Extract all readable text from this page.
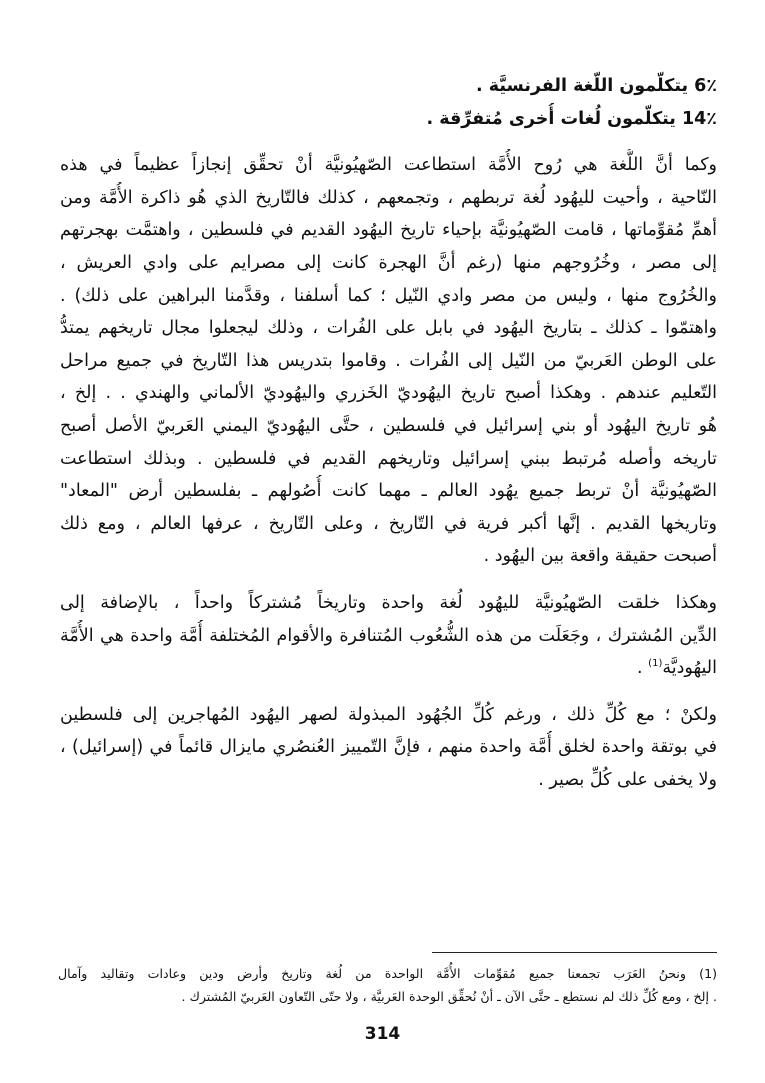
6٪ يتكلّمون اللّغة الفرنسيَّة .
14٪ يتكلّمون لُغات أُخرى مُتفرِّقة .
وكما أنَّ اللُّغة هي رُوح الأُمَّة استطاعت الصّهيُونيَّة أنْ تحقِّق إنجازاً عظيماً في هذه
النّاحية ، وأحيت لليهُود لُغة تربطهم ، وتجمعهم ، كذلك فالتّاريخ الذي هُو ذاكرة الأُمَّة ومن
أهمِّ مُقوِّماتها ، قامت الصّهيُونيَّة بإحياء تاريخ اليهُود القديم في فلسطين ، واهتمَّت بهجرتهم
إلى مصر ، وخُرُوجهم منها (رغم أنَّ الهجرة كانت إلى مصرايم على وادي العريش ،
والخُرُوج منها ، وليس من مصر وادي النّيل ؛ كما أسلفنا ، وقدَّمنا البراهين على ذلك) .
واهتمّوا ـ كذلك ـ بتاريخ اليهُود في بابل على الفُرات ، وذلك ليجعلوا مجال تاريخهم يمتدُّ
على الوطن العَربيّ من النّيل إلى الفُرات . وقاموا بتدريس هذا التّاريخ في جميع مراحل
التّعليم عندهم . وهكذا أصبح تاريخ اليهُوديّ الخَزري واليهُوديّ الألماني والهندي . . إلخ ،
هُو تاريخ اليهُود أو بني إسرائيل في فلسطين ، حتَّى اليهُوديّ اليمني العَربيّ الأصل أصبح
تاريخه وأصله مُرتبط ببني إسرائيل وتاريخهم القديم في فلسطين . وبذلك استطاعت
الصّهيُونيَّة أنْ تربط جميع يهُود العالم ـ مهما كانت أُصُولهم ـ بفلسطين أرض "المعاد"
وتاريخها القديم . إنَّها أكبر فرية في التّاريخ ، وعلى التّاريخ ، عرفها العالم ، ومع ذلك
أصبحت حقيقة واقعة بين اليهُود .
وهكذا خلقت الصّهيُونيَّة لليهُود لُغة واحدة وتاريخاً مُشتركاً واحداً ، بالإضافة إلى
الدِّين المُشترك ، وجَعَلَت من هذه الشُّعُوب المُتنافرة والأقوام المُختلفة أُمَّة واحدة هي الأُمَّة
اليهُوديَّة$^{(1)}$ .
ولكنْ ؛ مع كُلِّ ذلك ، ورغم كُلِّ الجُهُود المبذولة لصهر اليهُود المُهاجرين إلى فلسطين
في بوتقة واحدة لخلق أُمَّة واحدة منهم ، فإنَّ التّمييز العُنصُري مايزال قائماً في (إسرائيل) ،
ولا يخفى على كُلِّ بصير .
(1) ونحنُ العَرَب تجمعنا جميع مُقوِّمات الأُمَّة الواحدة من لُغة وتاريخ وأرض ودين وعادات وتقاليد وآمال
. إلخ ، ومع كُلِّ ذلك لم نستطع ـ حتَّى الآن ـ أنْ نُحقِّق الوحدة العَربيَّة ، ولا حتّى التّعاون العَربيّ المُشترك .
314
